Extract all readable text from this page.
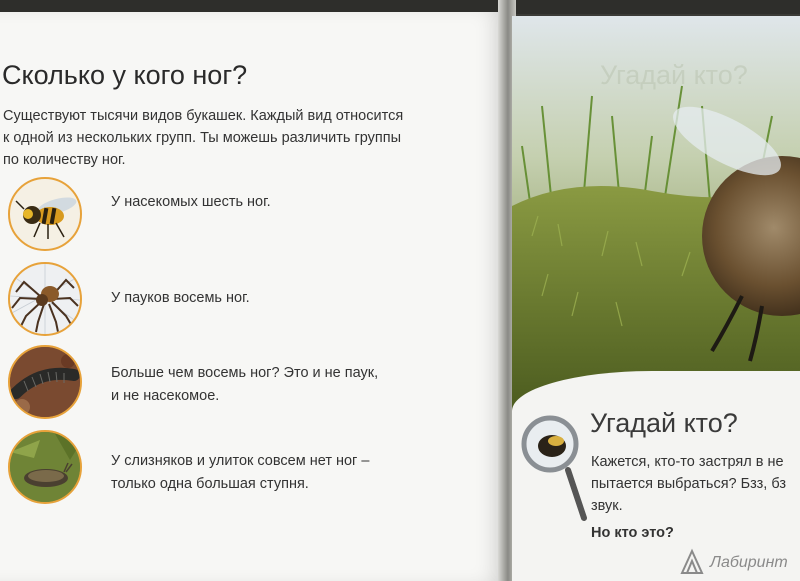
Сколько у кого ног?
Существуют тысячи видов букашек. Каждый вид относится
к одной из нескольких групп. Ты можешь различить группы
по количеству ног.
У насекомых шесть ног.
У пауков восемь ног.
Больше чем восемь ног? Это и не паук,
и не насекомое.
У слизняков и улиток совсем нет ног –
только одна большая ступня.
Угадай кто?
Угадай кто?
Кажется, кто-то застрял в не
пытается выбраться? Бзз, бз
звук.
Но кто это?
Лабиринт
